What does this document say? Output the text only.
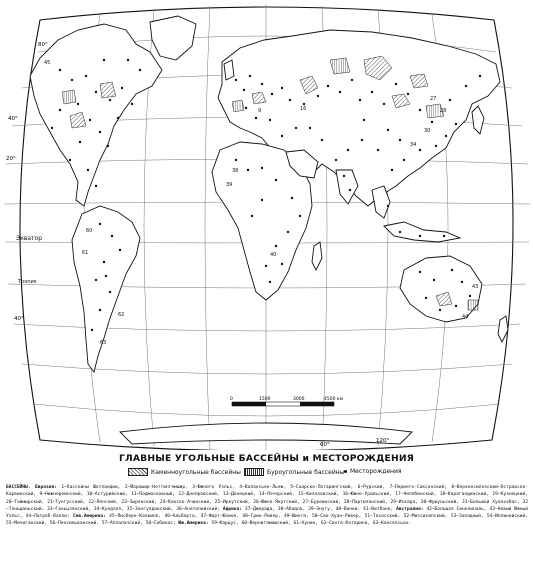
Экватор
Тропик
80°
40°
20°
40°
60°
120°
60
61
62
63
16
9
27
28
30
34
38
39
40
43
44
45
0	1500	3000	4500 км
ГЛАВНЫЕ УГОЛЬНЫЕ БАССЕЙНЫ и МЕСТОРОЖДЕНИЯ
Каменноугольные бассейны	Буроугольные бассейны Месторождения
БАССЕЙНЫ. Евразия: 1—бассейны Шотландии, 2—Йоркшир-Ноттингемшир, 3—Южного Уэльс, 4—Валансьен-Льеж, 5—Саарско-Лотарингский, 6—Рурский, 7—Перинго-Саксонский; 8—Верхнесилезский—Остравско-Карвинский, 9—Нижнерейнский, 10—Астурийский, 11—Подмосковный, 12—Днепровский, 13—Донецкий, 14—Печорский, 15—Кизеловский, 16—Южно-Уральский, 17—Челябинский, 18—Карагандинский, 19—Кузнецкий, 20—Таймырский, 21—Тунгусский, 22—Ленский, 23—Зырянский, 24—Канско-Ачинский, 25—Иркутский, 26—Южно-Якутский, 27—Буреинский, 28—Партизанский, 29—Искара, 30—Фушуньский, 31—Большой Хуанхэбас, 32—Тяньшаньский, 33—Ганьцзянский, 34—Кундзяп, 35—Зонгулдакский, 36—Анатолийский; Африка: 37—Джерада, 38—Абадла, 39—Энугу, 40—Ванки, 41—Витбанк; Австралия: 42—Большая Синклиналь, 43—Новый Южный Уэльс, 44—Латроб-Валли; Сев.Америка: 45—Лисберн-Колвилл, 46—Альберта, 47—Форт-Юнион, 48—Грин-Ривер, 49—Юинта, 50—Сан-Хуан-Ривер, 51—Техасский, 52—Миссисипский, 53—Западный, 54—Иллинойский, 55—Мичиганский, 56—Пенсильванский, 57—Аппалачский, 58—Сабинас; Юж.Америка: 59—Карцус, 60—Вернигамашский, 61—Хунин, 62—Санта-Катарина, 63—Консепсьон.
